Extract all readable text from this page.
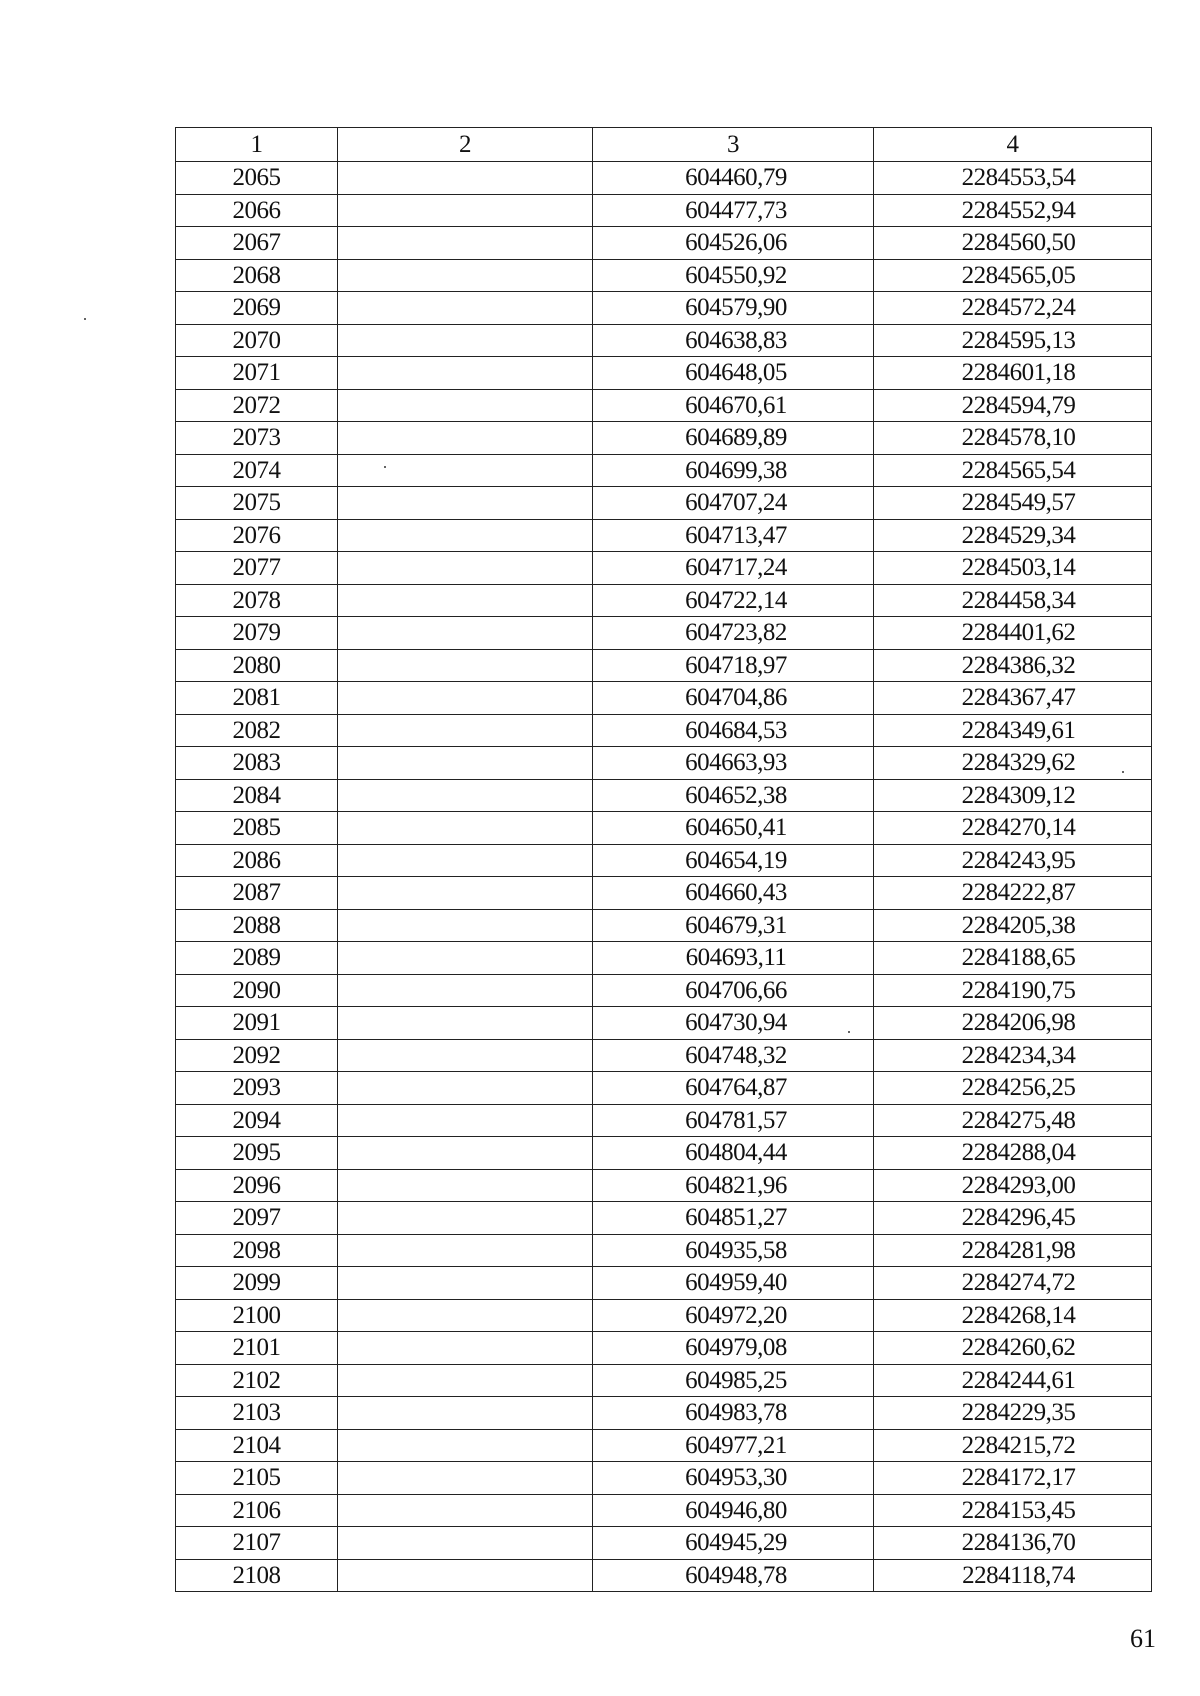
1	2	3	4
2065		604460,79	2284553,54
2066		604477,73	2284552,94
2067		604526,06	2284560,50
2068		604550,92	2284565,05
2069		604579,90	2284572,24
2070		604638,83	2284595,13
2071		604648,05	2284601,18
2072		604670,61	2284594,79
2073		604689,89	2284578,10
2074		604699,38	2284565,54
2075		604707,24	2284549,57
2076		604713,47	2284529,34
2077		604717,24	2284503,14
2078		604722,14	2284458,34
2079		604723,82	2284401,62
2080		604718,97	2284386,32
2081		604704,86	2284367,47
2082		604684,53	2284349,61
2083		604663,93	2284329,62
2084		604652,38	2284309,12
2085		604650,41	2284270,14
2086		604654,19	2284243,95
2087		604660,43	2284222,87
2088		604679,31	2284205,38
2089		604693,11	2284188,65
2090		604706,66	2284190,75
2091		604730,94	2284206,98
2092		604748,32	2284234,34
2093		604764,87	2284256,25
2094		604781,57	2284275,48
2095		604804,44	2284288,04
2096		604821,96	2284293,00
2097		604851,27	2284296,45
2098		604935,58	2284281,98
2099		604959,40	2284274,72
2100		604972,20	2284268,14
2101		604979,08	2284260,62
2102		604985,25	2284244,61
2103		604983,78	2284229,35
2104		604977,21	2284215,72
2105		604953,30	2284172,17
2106		604946,80	2284153,45
2107		604945,29	2284136,70
2108		604948,78	2284118,74
61
